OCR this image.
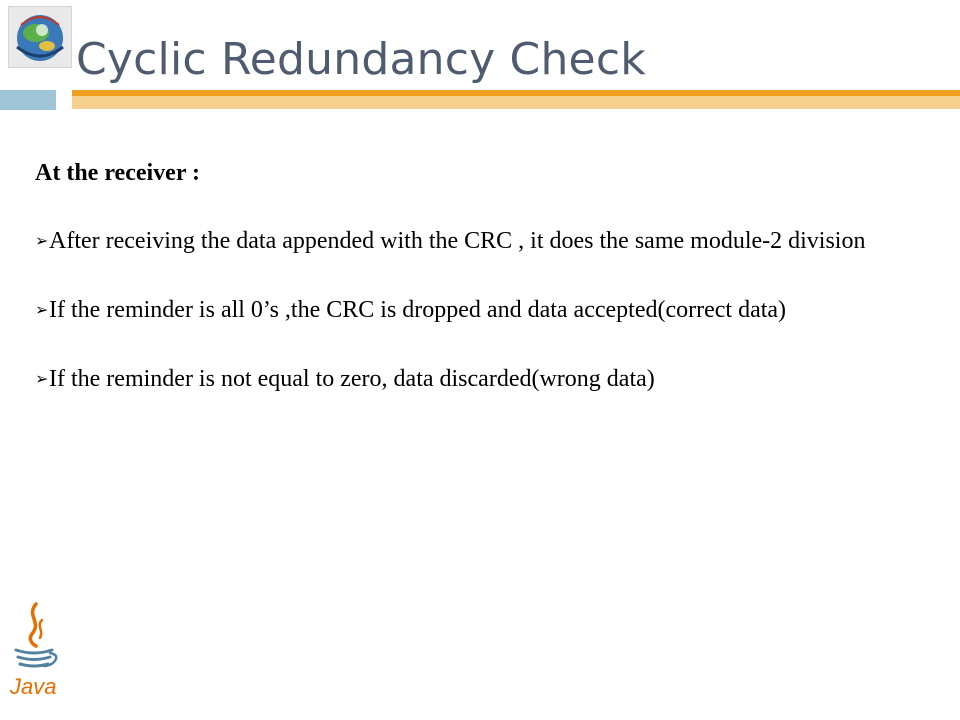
Cyclic Redundancy Check

At the receiver :

➢After receiving the data appended with the CRC , it does the same module-2 division

➢If the reminder is all 0’s ,the CRC is dropped and data accepted(correct data)

➢If the reminder is not equal to zero, data discarded(wrong data)

Java
